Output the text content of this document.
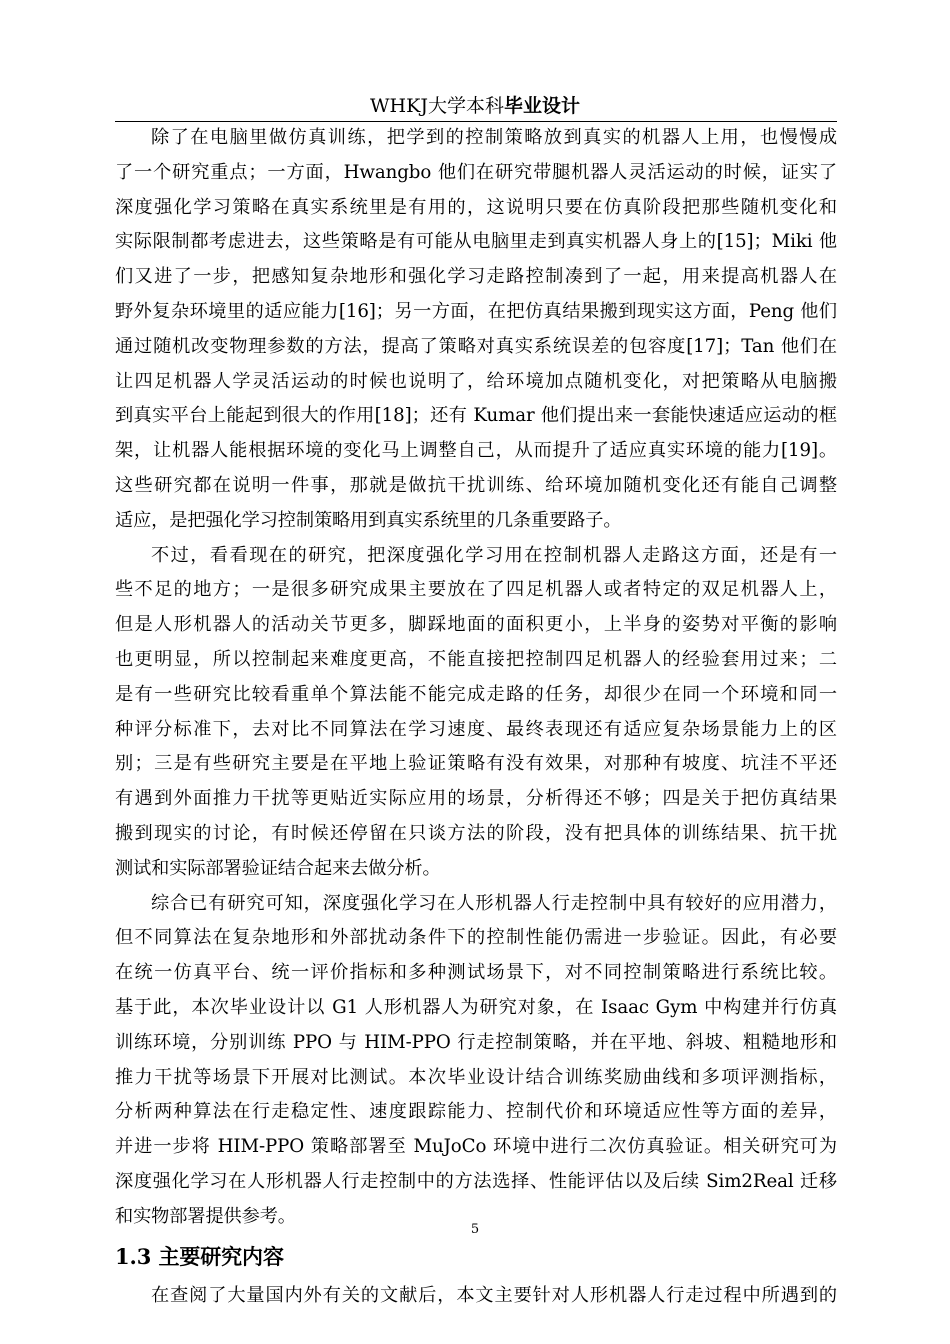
WHKJ大学本科毕业设计
除了在电脑里做仿真训练，把学到的控制策略放到真实的机器人上用，也慢慢成
了一个研究重点；一方面，Hwangbo 他们在研究带腿机器人灵活运动的时候，证实了
深度强化学习策略在真实系统里是有用的，这说明只要在仿真阶段把那些随机变化和
实际限制都考虑进去，这些策略是有可能从电脑里走到真实机器人身上的[15]；Miki 他
们又进了一步，把感知复杂地形和强化学习走路控制凑到了一起，用来提高机器人在
野外复杂环境里的适应能力[16]；另一方面，在把仿真结果搬到现实这方面，Peng 他们
通过随机改变物理参数的方法，提高了策略对真实系统误差的包容度[17]；Tan 他们在
让四足机器人学灵活运动的时候也说明了，给环境加点随机变化，对把策略从电脑搬
到真实平台上能起到很大的作用[18]；还有 Kumar 他们提出来一套能快速适应运动的框
架，让机器人能根据环境的变化马上调整自己，从而提升了适应真实环境的能力[19]。
这些研究都在说明一件事，那就是做抗干扰训练、给环境加随机变化还有能自己调整
适应，是把强化学习控制策略用到真实系统里的几条重要路子。
不过，看看现在的研究，把深度强化学习用在控制机器人走路这方面，还是有一
些不足的地方；一是很多研究成果主要放在了四足机器人或者特定的双足机器人上，
但是人形机器人的活动关节更多，脚踩地面的面积更小，上半身的姿势对平衡的影响
也更明显，所以控制起来难度更高，不能直接把控制四足机器人的经验套用过来；二
是有一些研究比较看重单个算法能不能完成走路的任务，却很少在同一个环境和同一
种评分标准下，去对比不同算法在学习速度、最终表现还有适应复杂场景能力上的区
别；三是有些研究主要是在平地上验证策略有没有效果，对那种有坡度、坑洼不平还
有遇到外面推力干扰等更贴近实际应用的场景，分析得还不够；四是关于把仿真结果
搬到现实的讨论，有时候还停留在只谈方法的阶段，没有把具体的训练结果、抗干扰
测试和实际部署验证结合起来去做分析。
综合已有研究可知，深度强化学习在人形机器人行走控制中具有较好的应用潜力，
但不同算法在复杂地形和外部扰动条件下的控制性能仍需进一步验证。因此，有必要
在统一仿真平台、统一评价指标和多种测试场景下，对不同控制策略进行系统比较。
基于此，本次毕业设计以 G1 人形机器人为研究对象，在 Isaac Gym 中构建并行仿真
训练环境，分别训练 PPO 与 HIM-PPO 行走控制策略，并在平地、斜坡、粗糙地形和
推力干扰等场景下开展对比测试。本次毕业设计结合训练奖励曲线和多项评测指标，
分析两种算法在行走稳定性、速度跟踪能力、控制代价和环境适应性等方面的差异，
并进一步将 HIM-PPO 策略部署至 MuJoCo 环境中进行二次仿真验证。相关研究可为
深度强化学习在人形机器人行走控制中的方法选择、性能评估以及后续 Sim2Real 迁移
和实物部署提供参考。
1.3 主要研究内容
在查阅了大量国内外有关的文献后，本文主要针对人形机器人行走过程中所遇到的
5
